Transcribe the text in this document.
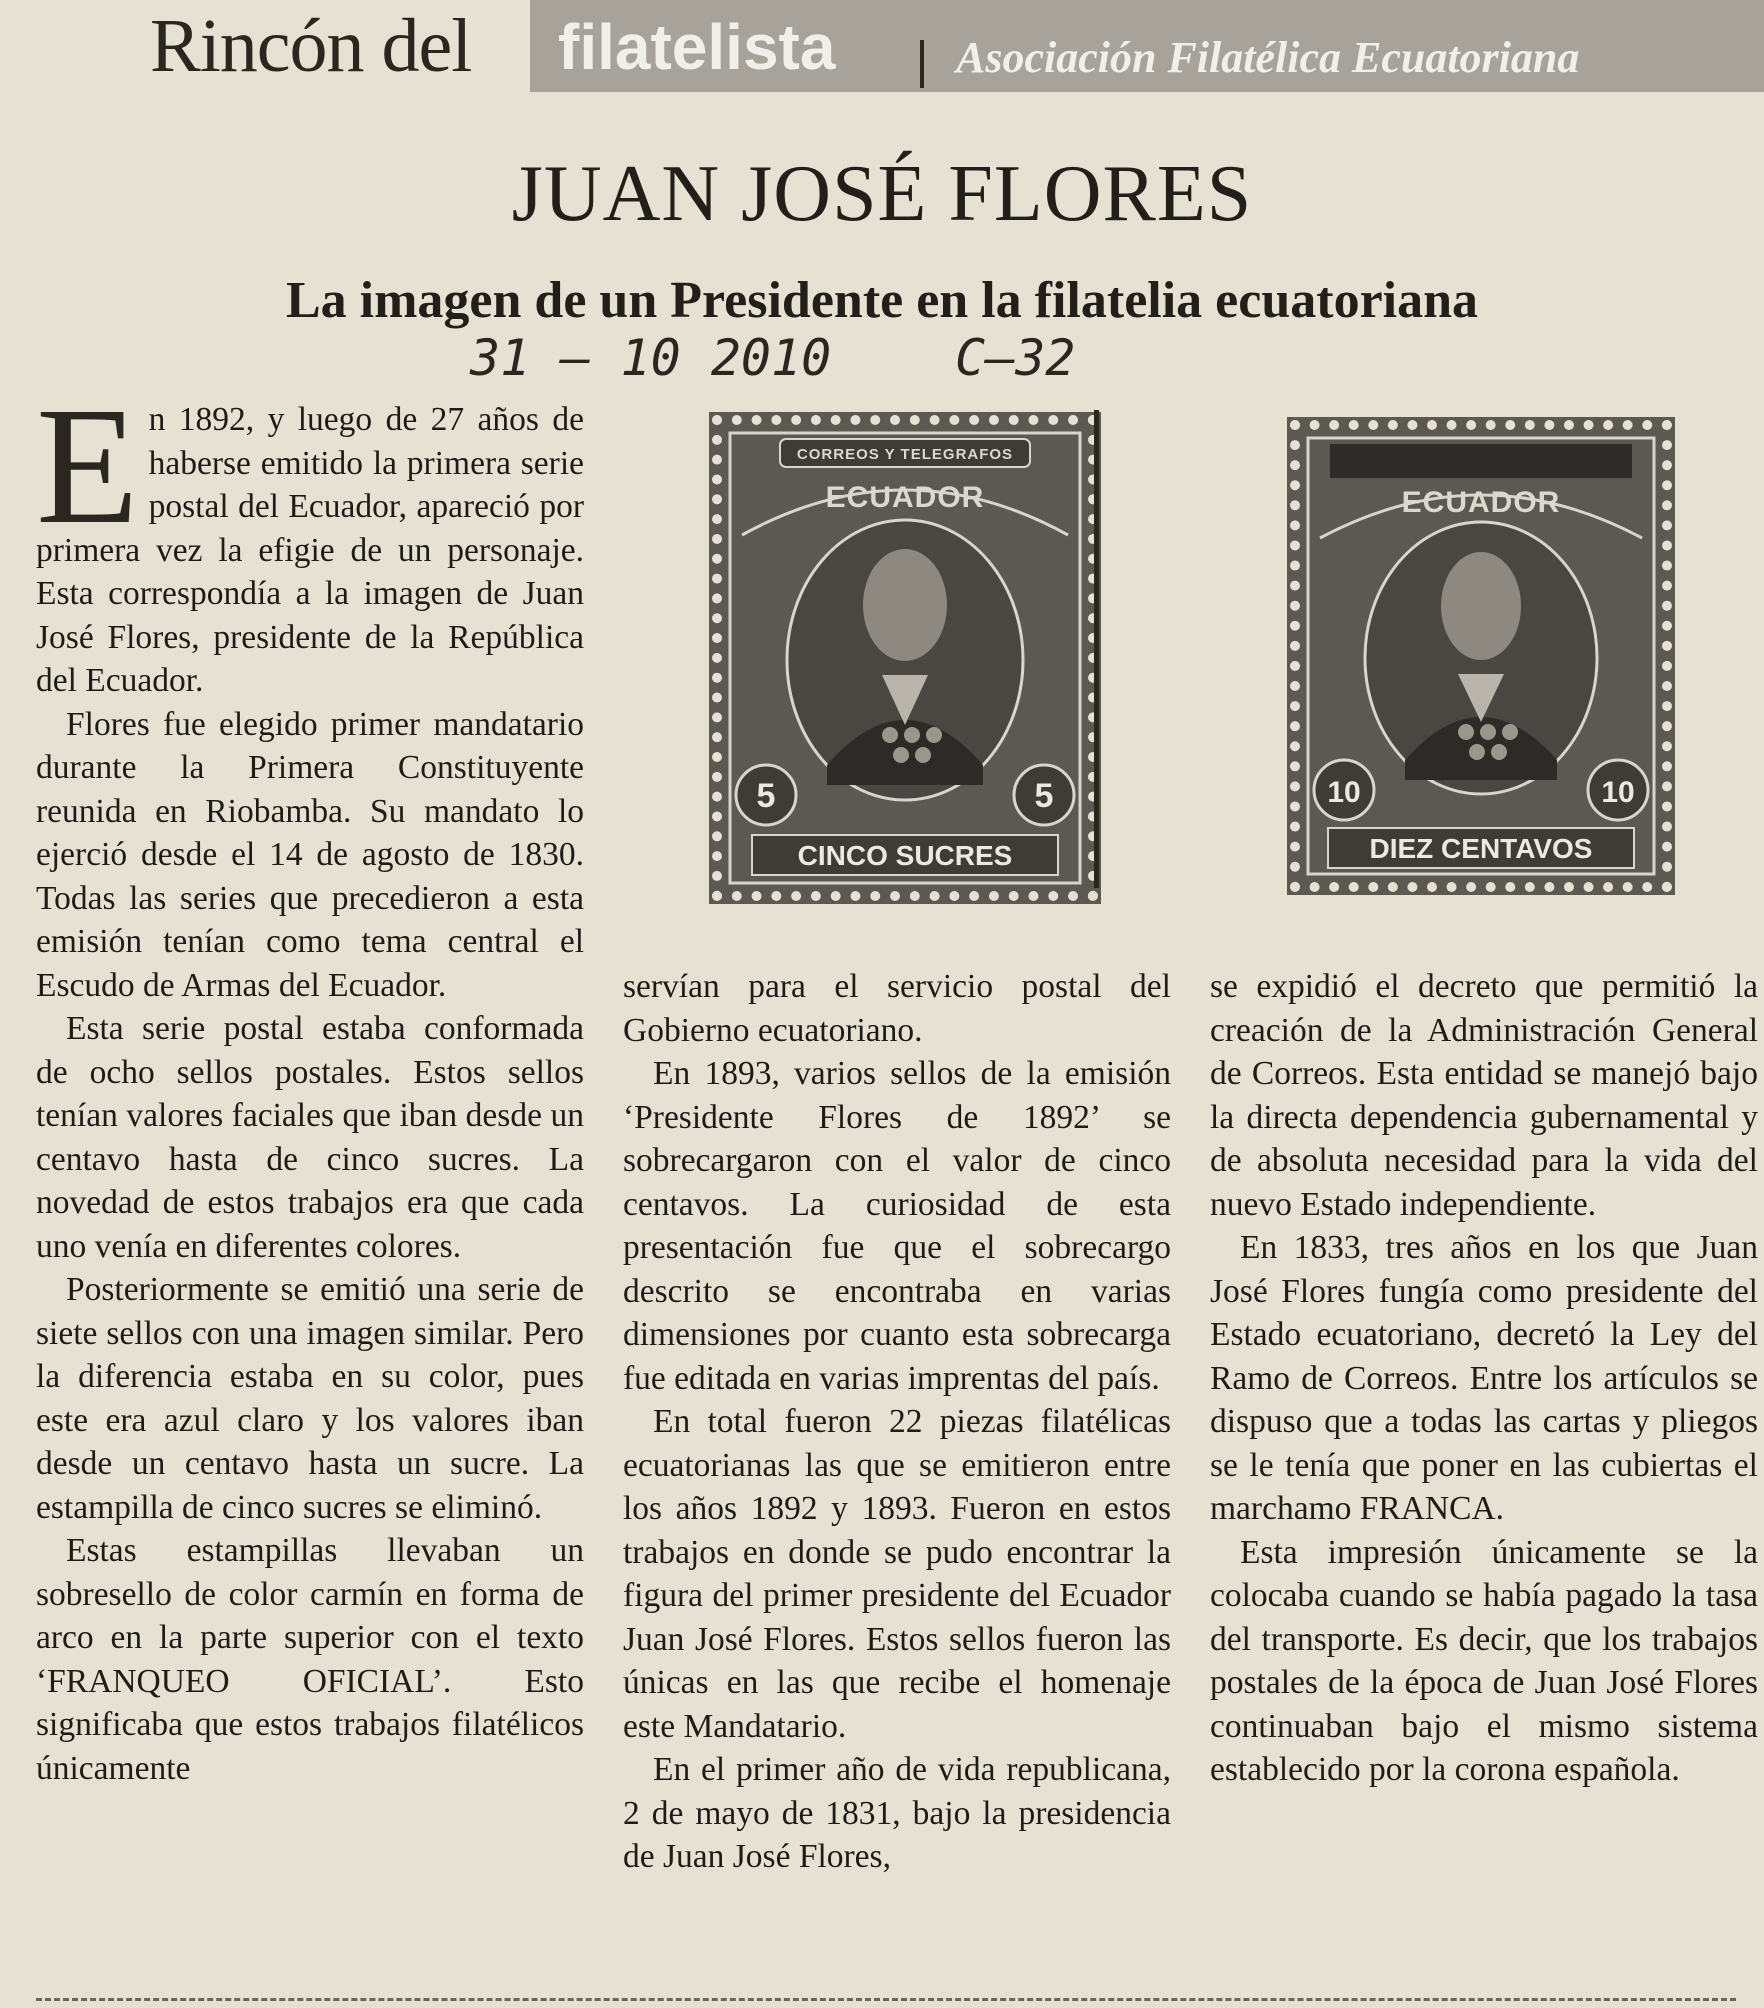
Rincón del filatelista	Asociación Filatélica Ecuatoriana
JUAN JOSÉ FLORES
La imagen de un Presidente en la filatelia ecuatoriana
31 – 10 2010 C–32

En 1892, y luego de 27 años de haberse emitido la primera serie postal del Ecuador, apareció por primera vez la efigie de un personaje. Esta correspondía a la imagen de Juan José Flores, presidente de la República del Ecuador.

Flores fue elegido primer mandatario durante la Primera Constituyente reunida en Riobamba. Su mandato lo ejerció desde el 14 de agosto de 1830. Todas las series que precedieron a esta emisión tenían como tema central el Escudo de Armas del Ecuador.

Esta serie postal estaba conformada de ocho sellos postales. Estos sellos tenían valores faciales que iban desde un centavo hasta de cinco sucres. La novedad de estos trabajos era que cada uno venía en diferentes colores.

Posteriormente se emitió una serie de siete sellos con una imagen similar. Pero la diferencia estaba en su color, pues este era azul claro y los valores iban desde un centavo hasta un sucre. La estampilla de cinco sucres se eliminó.

Estas estampillas llevaban un sobresello de color carmín en forma de arco en la parte superior con el texto ‘FRANQUEO OFICIAL’. Esto significaba que estos trabajos filatélicos únicamente

CORREOS Y TELEGRAFOS
ECUADOR
5	5
CINCO SUCRES
ECUADOR
10	10
DIEZ CENTAVOS

servían para el servicio postal del Gobierno ecuatoriano.

En 1893, varios sellos de la emisión ‘Presidente Flores de 1892’ se sobrecargaron con el valor de cinco centavos. La curiosidad de esta presentación fue que el sobrecargo descrito se encontraba en varias dimensiones por cuanto esta sobrecarga fue editada en varias imprentas del país.

En total fueron 22 piezas filatélicas ecuatorianas las que se emitieron entre los años 1892 y 1893. Fueron en estos trabajos en donde se pudo encontrar la figura del primer presidente del Ecuador Juan José Flores. Estos sellos fueron las únicas en las que recibe el homenaje este Mandatario.

En el primer año de vida republicana, 2 de mayo de 1831, bajo la presidencia de Juan José Flores,

se expidió el decreto que permitió la creación de la Administración General de Correos. Esta entidad se manejó bajo la directa dependencia gubernamental y de absoluta necesidad para la vida del nuevo Estado independiente.

En 1833, tres años en los que Juan José Flores fungía como presidente del Estado ecuatoriano, decretó la Ley del Ramo de Correos. Entre los artículos se dispuso que a todas las cartas y pliegos se le tenía que poner en las cubiertas el marchamo FRANCA.

Esta impresión únicamente se la colocaba cuando se había pagado la tasa del transporte. Es decir, que los trabajos postales de la época de Juan José Flores continuaban bajo el mismo sistema establecido por la corona española.
